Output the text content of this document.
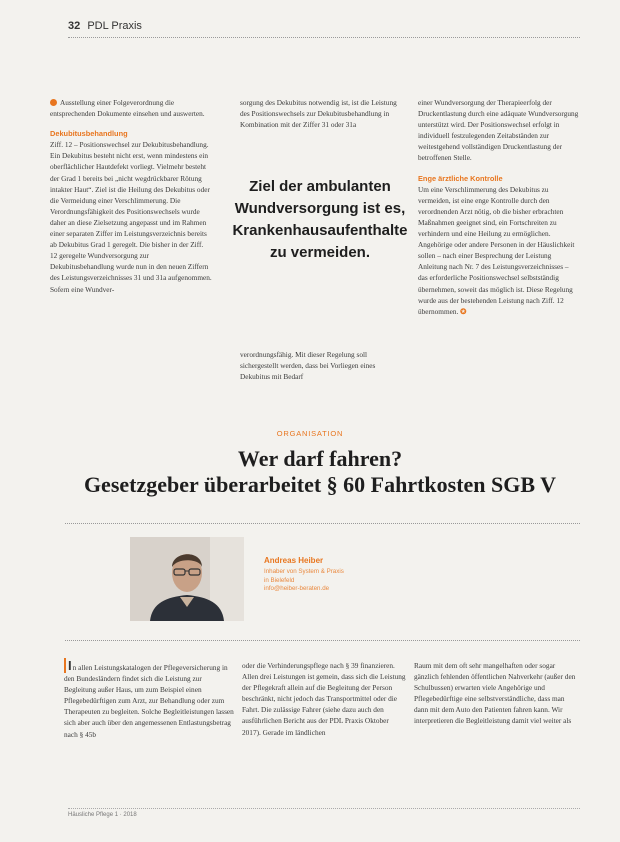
32 PDL Praxis

Ausstellung einer Folgeverordnung die entsprechenden Dokumente einsehen und auswerten.

Dekubitusbehandlung

Ziff. 12 – Positionswechsel zur Dekubitusbehandlung. Ein Dekubitus besteht nicht erst, wenn mindestens ein oberflächlicher Hautdefekt vorliegt. Vielmehr besteht der Grad 1 bereits bei „nicht wegdrückbarer Rötung intakter Haut“. Ziel ist die Heilung des Dekubitus oder die Vermeidung einer Verschlimmerung. Die Verordnungsfähigkeit des Positionswechsels wurde daher an diese Zielsetzung angepasst und im Rahmen einer separaten Ziffer im Leistungsverzeichnis bereits ab Dekubitus Grad 1 geregelt. Die bisher in der Ziff. 12 geregelte Wundversorgung zur Dekubitusbehandlung wurde nun in den neuen Ziffern des Leistungsverzeichnisses 31 und 31a aufgenommen. Sofern eine Wundver-

sorgung des Dekubitus notwendig ist, ist die Leistung des Positionswechsels zur Dekubitusbehandlung in Kombination mit der Ziffer 31 oder 31a

Ziel der ambulanten Wundversorgung ist es, Krankenhausaufenthalte zu vermeiden.

verordnungsfähig. Mit dieser Regelung soll sichergestellt werden, dass bei Vorliegen eines Dekubitus mit Bedarf

einer Wundversorgung der Therapieerfolg der Druckentlastung durch eine adäquate Wundversorgung unterstützt wird. Der Positionswechsel erfolgt in individuell festzulegenden Zeitabständen zur weitestgehend vollständigen Druckentlastung der betroffenen Stelle.

Enge ärztliche Kontrolle

Um eine Verschlimmerung des Dekubitus zu vermeiden, ist eine enge Kontrolle durch den verordnenden Arzt nötig, ob die bisher erbrachten Maßnahmen geeignet sind, ein Fortschreiten zu verhindern und eine Heilung zu ermöglichen. Angehörige oder andere Personen in der Häuslichkeit sollen – nach einer Besprechung der Leistung Anleitung nach Nr. 7 des Leistungsverzeichnisses – das erforderliche Positionswechsel selbstständig übernehmen, soweit das möglich ist. Diese Regelung wurde aus der bestehenden Leistung nach Ziff. 12 übernommen. ✪

ORGANISATION
Wer darf fahren?
Gesetzgeber überarbeitet § 60 Fahrtkosten SGB V
Andreas Heiber
Inhaber von System & Praxis
in Bielefeld
info@heiber-beraten.de

In allen Leistungskatalogen der Pflegeversicherung in den Bundesländern findet sich die Leistung zur Begleitung außer Haus, um zum Beispiel einen Pflegebedürftigen zum Arzt, zur Behandlung oder zum Therapeuten zu begleiten. Solche Begleitleistungen lassen sich aber auch über den angemessenen Entlastungsbetrag nach § 45b

oder die Verhinderungspflege nach § 39 finanzieren. Allen drei Leistungen ist gemein, dass sich die Leistung der Pflegekraft allein auf die Begleitung der Person beschränkt, nicht jedoch das Transportmittel oder die Fahrt. Die zulässige Fahrer (siehe dazu auch den ausführlichen Bericht aus der PDL Praxis Oktober 2017). Gerade im ländlichen

Raum mit dem oft sehr mangelhaften oder sogar gänzlich fehlenden öffentlichen Nahverkehr (außer den Schulbussen) erwarten viele Angehörige und Pflegebedürftige eine selbstverständliche, dass man dann mit dem Auto den Patienten fahren kann. Wir interpretieren die Begleitleistung damit viel weiter als

Häusliche Pflege 1 · 2018
